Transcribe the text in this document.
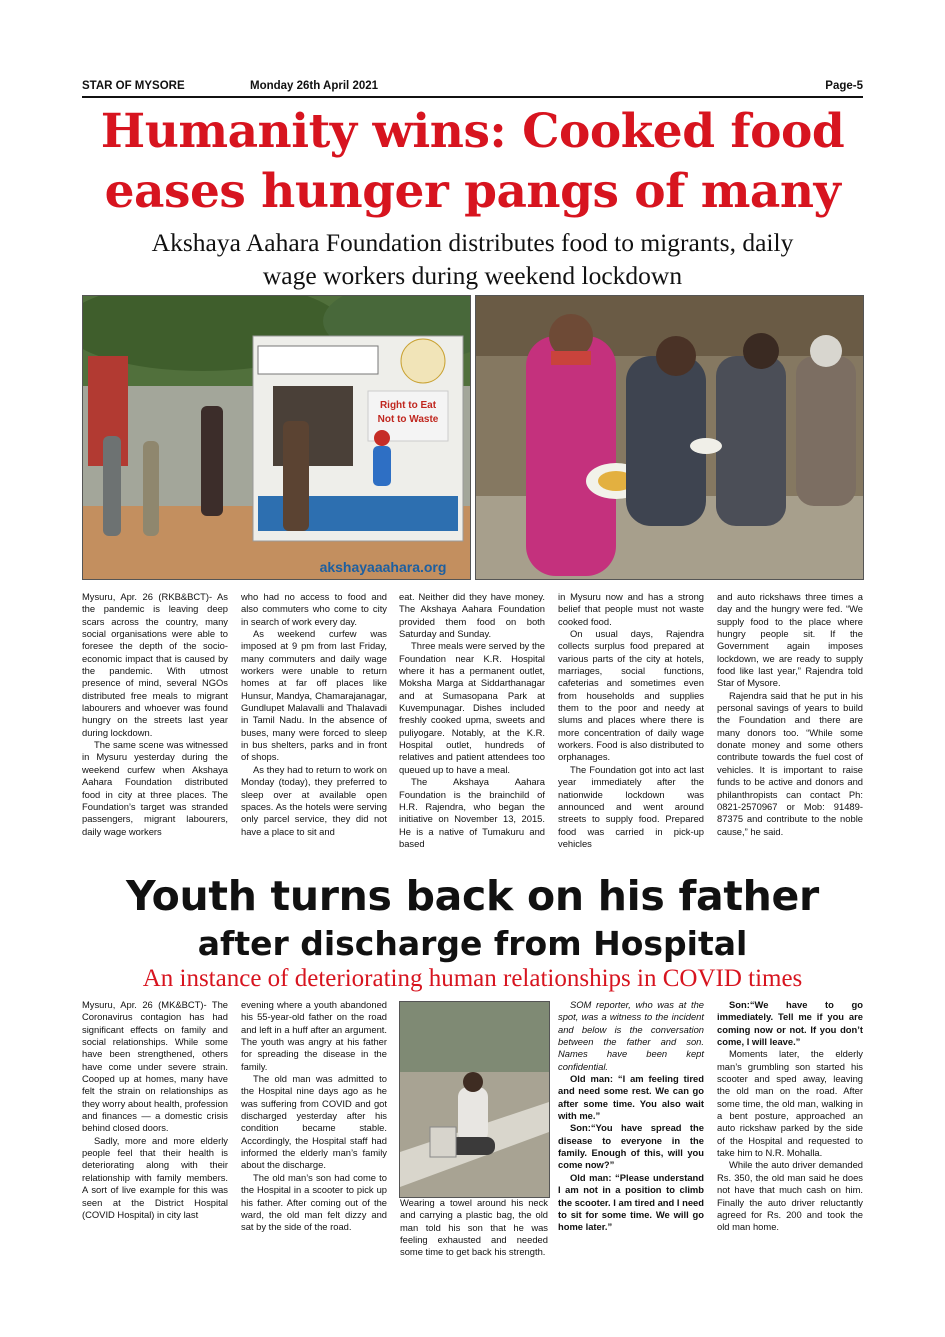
STAR OF MYSORE	Monday 26th April 2021	Page-5
Humanity wins: Cooked food
eases hunger pangs of many
Akshaya Aahara Foundation distributes food to migrants, daily
wage workers during weekend lockdown
Right to Eat
Not to Waste
akshayaaahara.org

Mysuru, Apr. 26 (RKB&BCT)- As the pandemic is leaving deep scars across the country, many social organisations were able to foresee the depth of the socio-economic impact that is caused by the pandemic. With utmost presence of mind, several NGOs distributed free meals to migrant labourers and whoever was found hungry on the streets last year during lockdown.

The same scene was witnessed in Mysuru yesterday during the weekend curfew when Akshaya Aahara Foundation distributed food in city at three places. The Foundation’s target was stranded passengers, migrant labourers, daily wage workers

who had no access to food and also commuters who come to city in search of work every day.

As weekend curfew was imposed at 9 pm from last Friday, many commuters and daily wage workers were unable to return homes at far off places like Hunsur, Mandya, Chamarajanagar, Gundlupet Malavalli and Thalavadi in Tamil Nadu. In the absence of buses, many were forced to sleep in bus shelters, parks and in front of shops.

As they had to return to work on Monday (today), they preferred to sleep over at available open spaces. As the hotels were serving only parcel service, they did not have a place to sit and

eat. Neither did they have money. The Akshaya Aahara Foundation provided them food on both Saturday and Sunday.

Three meals were served by the Foundation near K.R. Hospital where it has a permanent outlet, Moksha Marga at Siddarthanagar and at Sumasopana Park at Kuvempunagar. Dishes included freshly cooked upma, sweets and puliyogare. Notably, at the K.R. Hospital outlet, hundreds of relatives and patient attendees too queued up to have a meal.

The Akshaya Aahara Foundation is the brainchild of H.R. Rajendra, who began the initiative on November 13, 2015. He is a native of Tumakuru and based

in Mysuru now and has a strong belief that people must not waste cooked food.

On usual days, Rajendra collects surplus food prepared at various parts of the city at hotels, marriages, social functions, cafeterias and sometimes even from households and supplies them to the poor and needy at slums and places where there is more concentration of daily wage workers. Food is also distributed to orphanages.

The Foundation got into act last year immediately after the nationwide lockdown was announced and went around streets to supply food. Prepared food was carried in pick-up vehicles

and auto rickshaws three times a day and the hungry were fed. “We supply food to the place where hungry people sit. If the Government again imposes lockdown, we are ready to supply food like last year,” Rajendra told Star of Mysore.

Rajendra said that he put in his personal savings of years to build the Foundation and there are many donors too. “While some donate money and some others contribute towards the fuel cost of vehicles. It is important to raise funds to be active and donors and philanthropists can contact Ph: 0821-2570967 or Mob: 91489-87375 and contribute to the noble cause,” he said.

Youth turns back on his father
after discharge from Hospital
An instance of deteriorating human relationships in COVID times

Mysuru, Apr. 26 (MK&BCT)- The Coronavirus contagion has had significant effects on family and social relationships. While some have been strengthened, others have come under severe strain. Cooped up at homes, many have felt the strain on relationships as they worry about health, profession and finances — a domestic crisis behind closed doors.

Sadly, more and more elderly people feel that their health is deteriorating along with their relationship with family members. A sort of live example for this was seen at the District Hospital (COVID Hospital) in city last

evening where a youth abandoned his 55-year-old father on the road and left in a huff after an argument. The youth was angry at his father for spreading the disease in the family.

The old man was admitted to the Hospital nine days ago as he was suffering from COVID and got discharged yesterday after his condition became stable. Accordingly, the Hospital staff had informed the elderly man’s family about the discharge.

The old man’s son had come to the Hospital in a scooter to pick up his father. After coming out of the ward, the old man felt dizzy and sat by the side of the road.

Wearing a towel around his neck and carrying a plastic bag, the old man told his son that he was feeling exhausted and needed some time to get back his strength.

SOM reporter, who was at the spot, was a witness to the incident and below is the conversation between the father and son. Names have been kept confidential.

Old man: “I am feeling tired and need some rest. We can go after some time. You also wait with me.”

Son:“You have spread the disease to everyone in the family. Enough of this, will you come now?”

Old man: “Please understand I am not in a position to climb the scooter. I am tired and I need to sit for some time. We will go home later.”

Son:“We have to go immediately. Tell me if you are coming now or not. If you don’t come, I will leave.”

Moments later, the elderly man’s grumbling son started his scooter and sped away, leaving the old man on the road. After some time, the old man, walking in a bent posture, approached an auto rickshaw parked by the side of the Hospital and requested to take him to N.R. Mohalla.

While the auto driver demanded Rs. 350, the old man said he does not have that much cash on him. Finally the auto driver reluctantly agreed for Rs. 200 and took the old man home.
